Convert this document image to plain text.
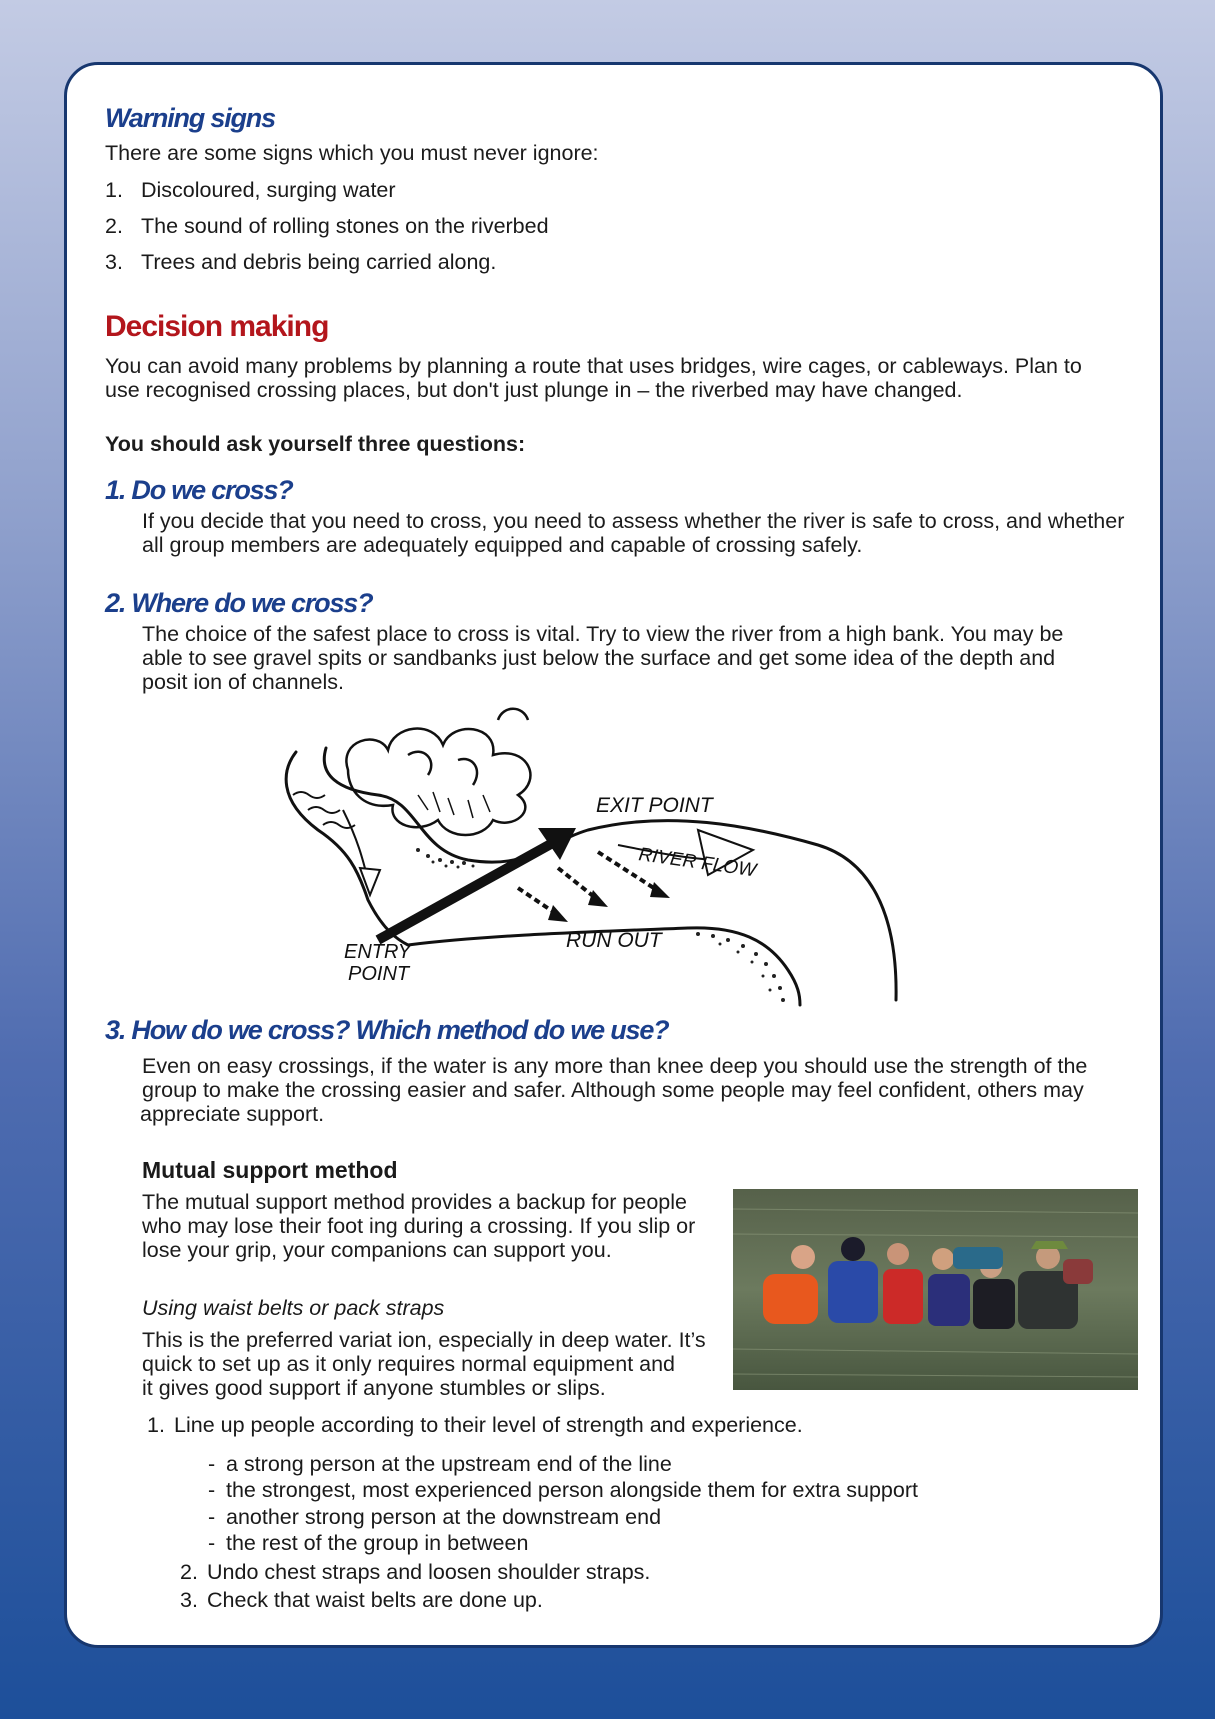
Warning signs
There are some signs which you must never ignore:
1. Discoloured, surging water
2. The sound of rolling stones on the riverbed
3. Trees and debris being carried along.
Decision making
You can avoid many problems by planning a route that uses bridges, wire cages, or cableways. Plan to
use recognised crossing places, but don't just plunge in – the riverbed may have changed.
You should ask yourself three questions:
1. Do we cross?
If you decide that you need to cross, you need to assess whether the river is safe to cross, and whether
all group members are adequately equipped and capable of crossing safely.
2. Where do we cross?
The choice of the safest place to cross is vital. Try to view the river from a high bank. You may be
able to see gravel spits or sandbanks just below the surface and get some idea of the depth and
posit ion of channels.
EXIT POINT
RIVER FLOW
RUN OUT
ENTRY
POINT
3. How do we cross? Which method do we use?
Even on easy crossings, if the water is any more than knee deep you should use the strength of the
group to make the crossing easier and safer. Although some people may feel confident, others may
appreciate support.
Mutual support method
The mutual support method provides a backup for people
who may lose their foot ing during a crossing. If you slip or
lose your grip, your companions can support you.
Using waist belts or pack straps
This is the preferred variat ion, especially in deep water. It’s
quick to set up as it only requires normal equipment and
it gives good support if anyone stumbles or slips.
1. Line up people according to their level of strength and experience.
- a strong person at the upstream end of the line
- the strongest, most experienced person alongside them for extra support
- another strong person at the downstream end
- the rest of the group in between
2. Undo chest straps and loosen shoulder straps.
3. Check that waist belts are done up.
